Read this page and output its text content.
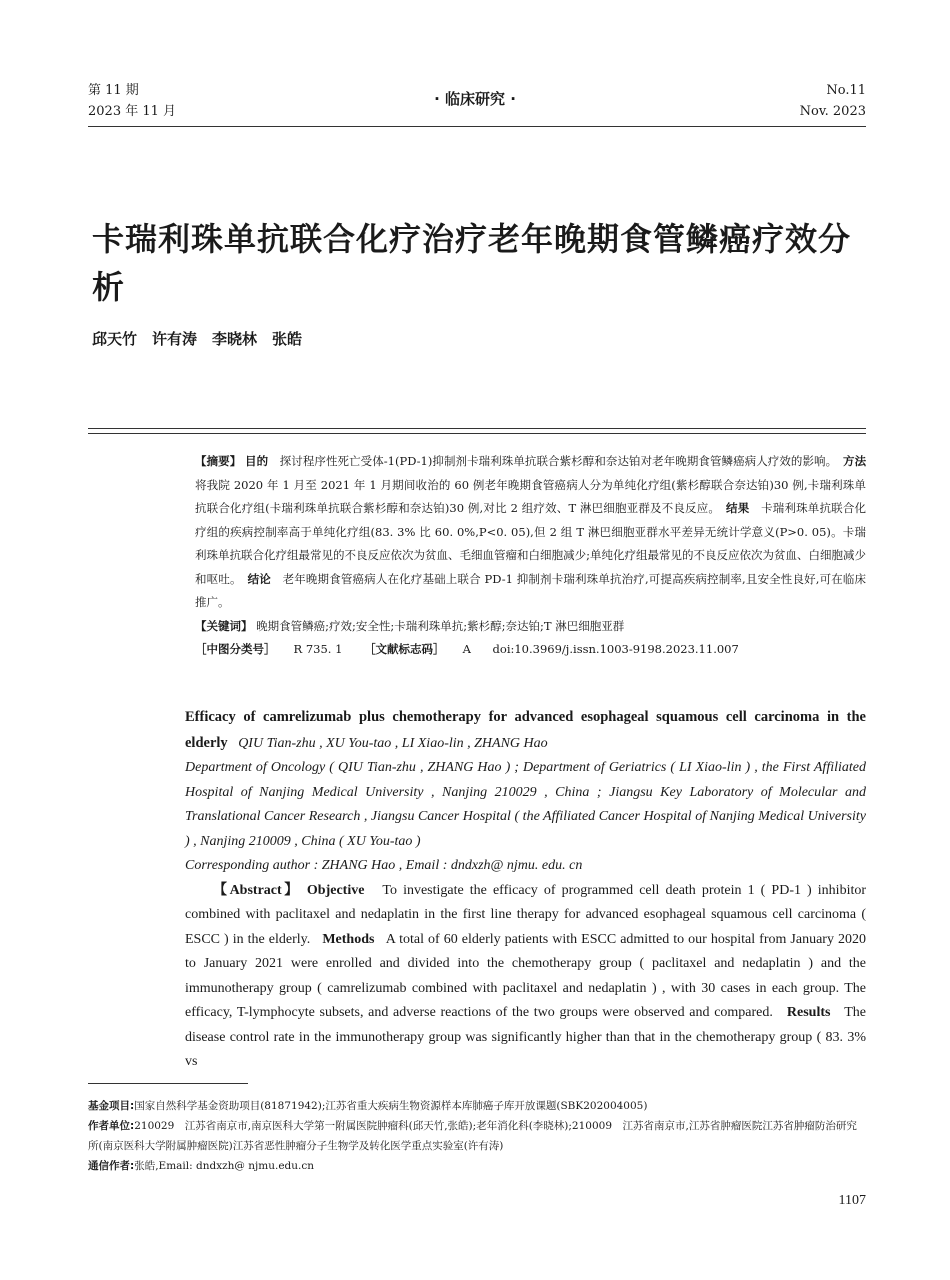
第 11 期
2023 年 11 月
· 临床研究 ·	No.11
Nov. 2023
卡瑞利珠单抗联合化疗治疗老年晚期食管鳞癌疗效分析
邱天竹　许有涛　李晓林　张皓

【摘要】 目的　 探讨程序性死亡受体-1(PD-1)抑制剂卡瑞利珠单抗联合紫杉醇和奈达铂对老年晚期食管鳞癌病人疗效的影响。　 方法　将我院 2020 年 1 月至 2021 年 1 月期间收治的 60 例老年晚期食管癌病人分为单纯化疗组(紫杉醇联合奈达铂)30 例,卡瑞利珠单抗联合化疗组(卡瑞利珠单抗联合紫杉醇和奈达铂)30 例,对比 2 组疗效、T 淋巴细胞亚群及不良反应。　 结果　 卡瑞利珠单抗联合化疗组的疾病控制率高于单纯化疗组(83. 3% 比 60. 0%,P<0. 05),但 2 组 T 淋巴细胞亚群水平差异无统计学意义(P>0. 05)。卡瑞利珠单抗联合化疗组最常见的不良反应依次为贫血、毛细血管瘤和白细胞减少;单纯化疗组最常见的不良反应依次为贫血、白细胞减少和呕吐。　 结论　 老年晚期食管癌病人在化疗基础上联合 PD-1 抑制剂卡瑞利珠单抗治疗,可提高疾病控制率,且安全性良好,可在临床推广。

【关键词】 晚期食管鳞癌;疗效;安全性;卡瑞利珠单抗;紫杉醇;奈达铂;T 淋巴细胞亚群

［中图分类号］ R 735. 1 ［文献标志码］ A doi:10.3969/j.issn.1003-9198.2023.11.007

Efficacy of camrelizumab plus chemotherapy for advanced esophageal squamous cell carcinoma in the elderly QIU Tian-zhu , XU You-tao , LI Xiao-lin , ZHANG Hao

Department of Oncology ( QIU Tian-zhu , ZHANG Hao ) ; Department of Geriatrics ( LI Xiao-lin ) , the First Affiliated Hospital of Nanjing Medical University , Nanjing 210029 , China ; Jiangsu Key Laboratory of Molecular and Translational Cancer Research , Jiangsu Cancer Hospital ( the Affiliated Cancer Hospital of Nanjing Medical University ) , Nanjing 210009 , China ( XU You-tao )

Corresponding author : ZHANG Hao , Email : dndxzh@ njmu. edu. cn

【Abstract】 Objective To investigate the efficacy of programmed cell death protein 1 ( PD-1 ) inhibitor combined with paclitaxel and nedaplatin in the first line therapy for advanced esophageal squamous cell carcinoma ( ESCC ) in the elderly. Methods A total of 60 elderly patients with ESCC admitted to our hospital from January 2020 to January 2021 were enrolled and divided into the chemotherapy group ( paclitaxel and nedaplatin ) and the immunotherapy group ( camrelizumab combined with paclitaxel and nedaplatin ) , with 30 cases in each group. The efficacy, T-lymphocyte subsets, and adverse reactions of the two groups were observed and compared. Results The disease control rate in the immunotherapy group was significantly higher than that in the chemotherapy group ( 83. 3% vs

基金项目:国家自然科学基金资助项目(81871942);江苏省重大疾病生物资源样本库肺癌子库开放课题(SBK202004005)

作者单位:210029　江苏省南京市,南京医科大学第一附属医院肿瘤科(邱天竹,张皓);老年消化科(李晓林);210009　江苏省南京市,江苏省肿瘤医院江苏省肿瘤防治研究所(南京医科大学附属肿瘤医院)江苏省恶性肿瘤分子生物学及转化医学重点实验室(许有涛)

通信作者:张皓,Email: dndxzh@ njmu.edu.cn

1107
